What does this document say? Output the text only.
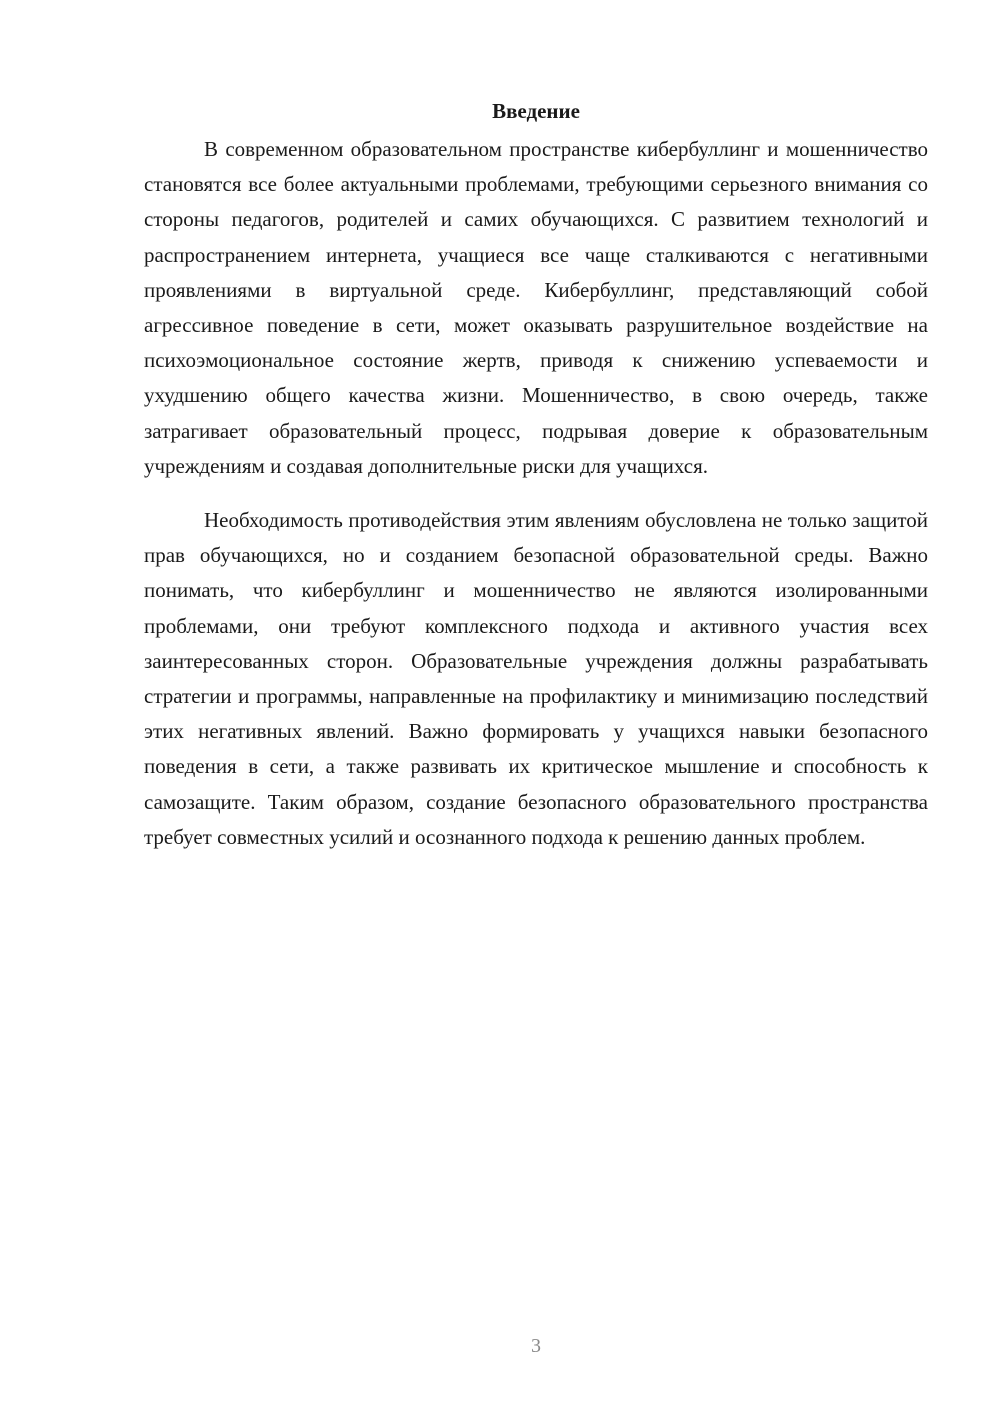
Введение

В современном образовательном пространстве кибербуллинг и мошенничество становятся все более актуальными проблемами, требующими серьезного внимания со стороны педагогов, родителей и самих обучающихся. С развитием технологий и распространением интернета, учащиеся все чаще сталкиваются с негативными проявлениями в виртуальной среде. Кибербуллинг, представляющий собой агрессивное поведение в сети, может оказывать разрушительное воздействие на психоэмоциональное состояние жертв, приводя к снижению успеваемости и ухудшению общего качества жизни. Мошенничество, в свою очередь, также затрагивает образовательный процесс, подрывая доверие к образовательным учреждениям и создавая дополнительные риски для учащихся.

Необходимость противодействия этим явлениям обусловлена не только защитой прав обучающихся, но и созданием безопасной образовательной среды. Важно понимать, что кибербуллинг и мошенничество не являются изолированными проблемами, они требуют комплексного подхода и активного участия всех заинтересованных сторон. Образовательные учреждения должны разрабатывать стратегии и программы, направленные на профилактику и минимизацию последствий этих негативных явлений. Важно формировать у учащихся навыки безопасного поведения в сети, а также развивать их критическое мышление и способность к самозащите. Таким образом, создание безопасного образовательного пространства требует совместных усилий и осознанного подхода к решению данных проблем.

3
